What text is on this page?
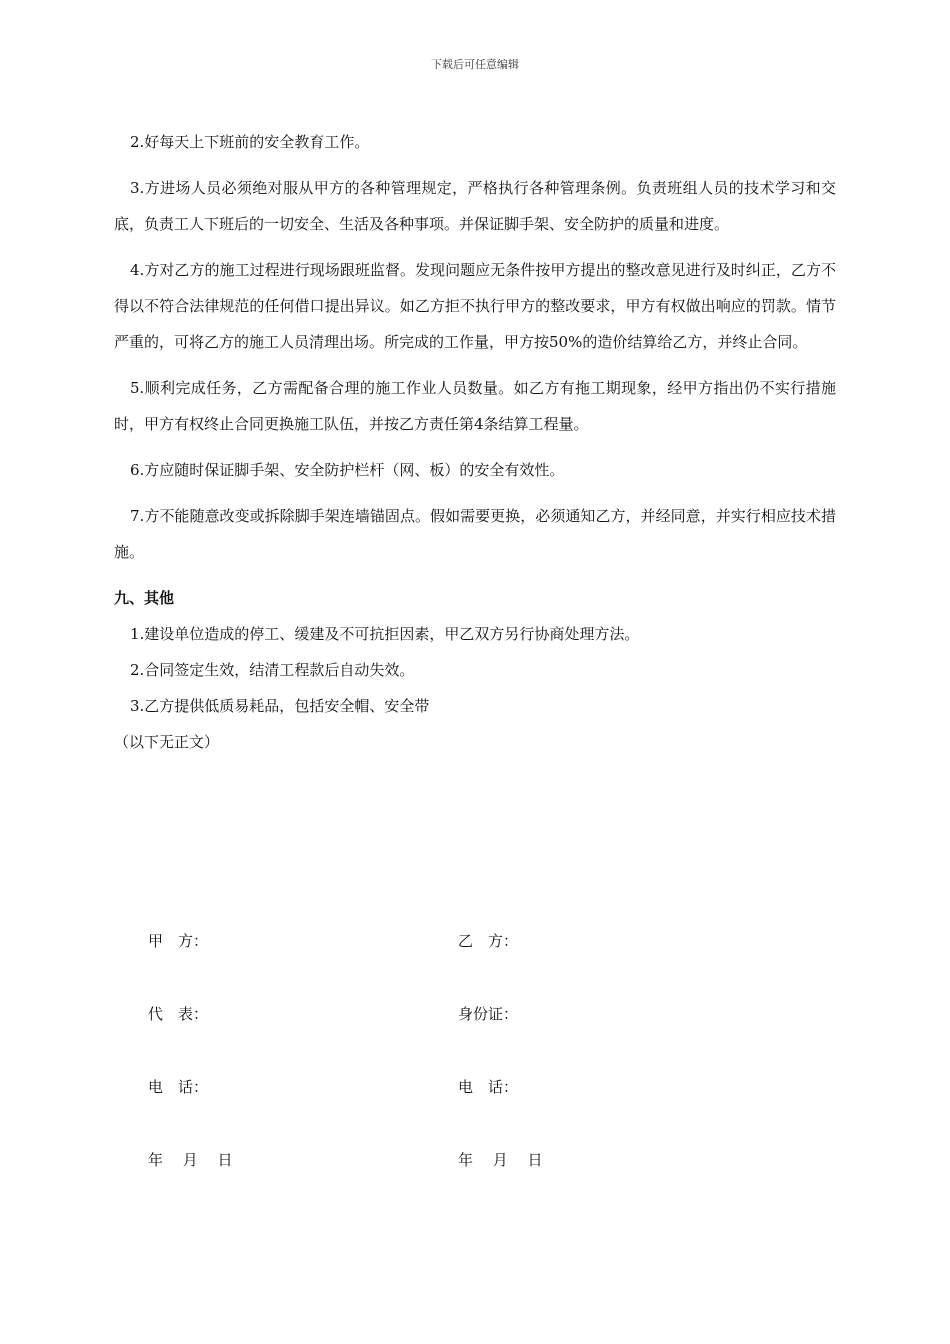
下载后可任意编辑

2.好每天上下班前的安全教育工作。

3.方进场人员必须绝对服从甲方的各种管理规定，严格执行各种管理条例。负责班组人员的技术学习和交底，负责工人下班后的一切安全、生活及各种事项。并保证脚手架、安全防护的质量和进度。

4.方对乙方的施工过程进行现场跟班监督。发现问题应无条件按甲方提出的整改意见进行及时纠正，乙方不得以不符合法律规范的任何借口提出异议。如乙方拒不执行甲方的整改要求，甲方有权做出响应的罚款。情节严重的，可将乙方的施工人员清理出场。所完成的工作量，甲方按50%的造价结算给乙方，并终止合同。

5.顺利完成任务，乙方需配备合理的施工作业人员数量。如乙方有拖工期现象，经甲方指出仍不实行措施时，甲方有权终止合同更换施工队伍，并按乙方责任第4条结算工程量。

6.方应随时保证脚手架、安全防护栏杆（网、板）的安全有效性。

7.方不能随意改变或拆除脚手架连墙锚固点。假如需要更换，必须通知乙方，并经同意，并实行相应技术措施。

九、其他

1.建设单位造成的停工、缓建及不可抗拒因素，甲乙双方另行协商处理方法。

2.合同签定生效，结清工程款后自动失效。

3.乙方提供低质易耗品，包括安全帽、安全带

（以下无正文）

甲　方：	乙　方：
代　表：	身份证：
电　话：	电　话：
年　 月　 日	年　 月　 日
